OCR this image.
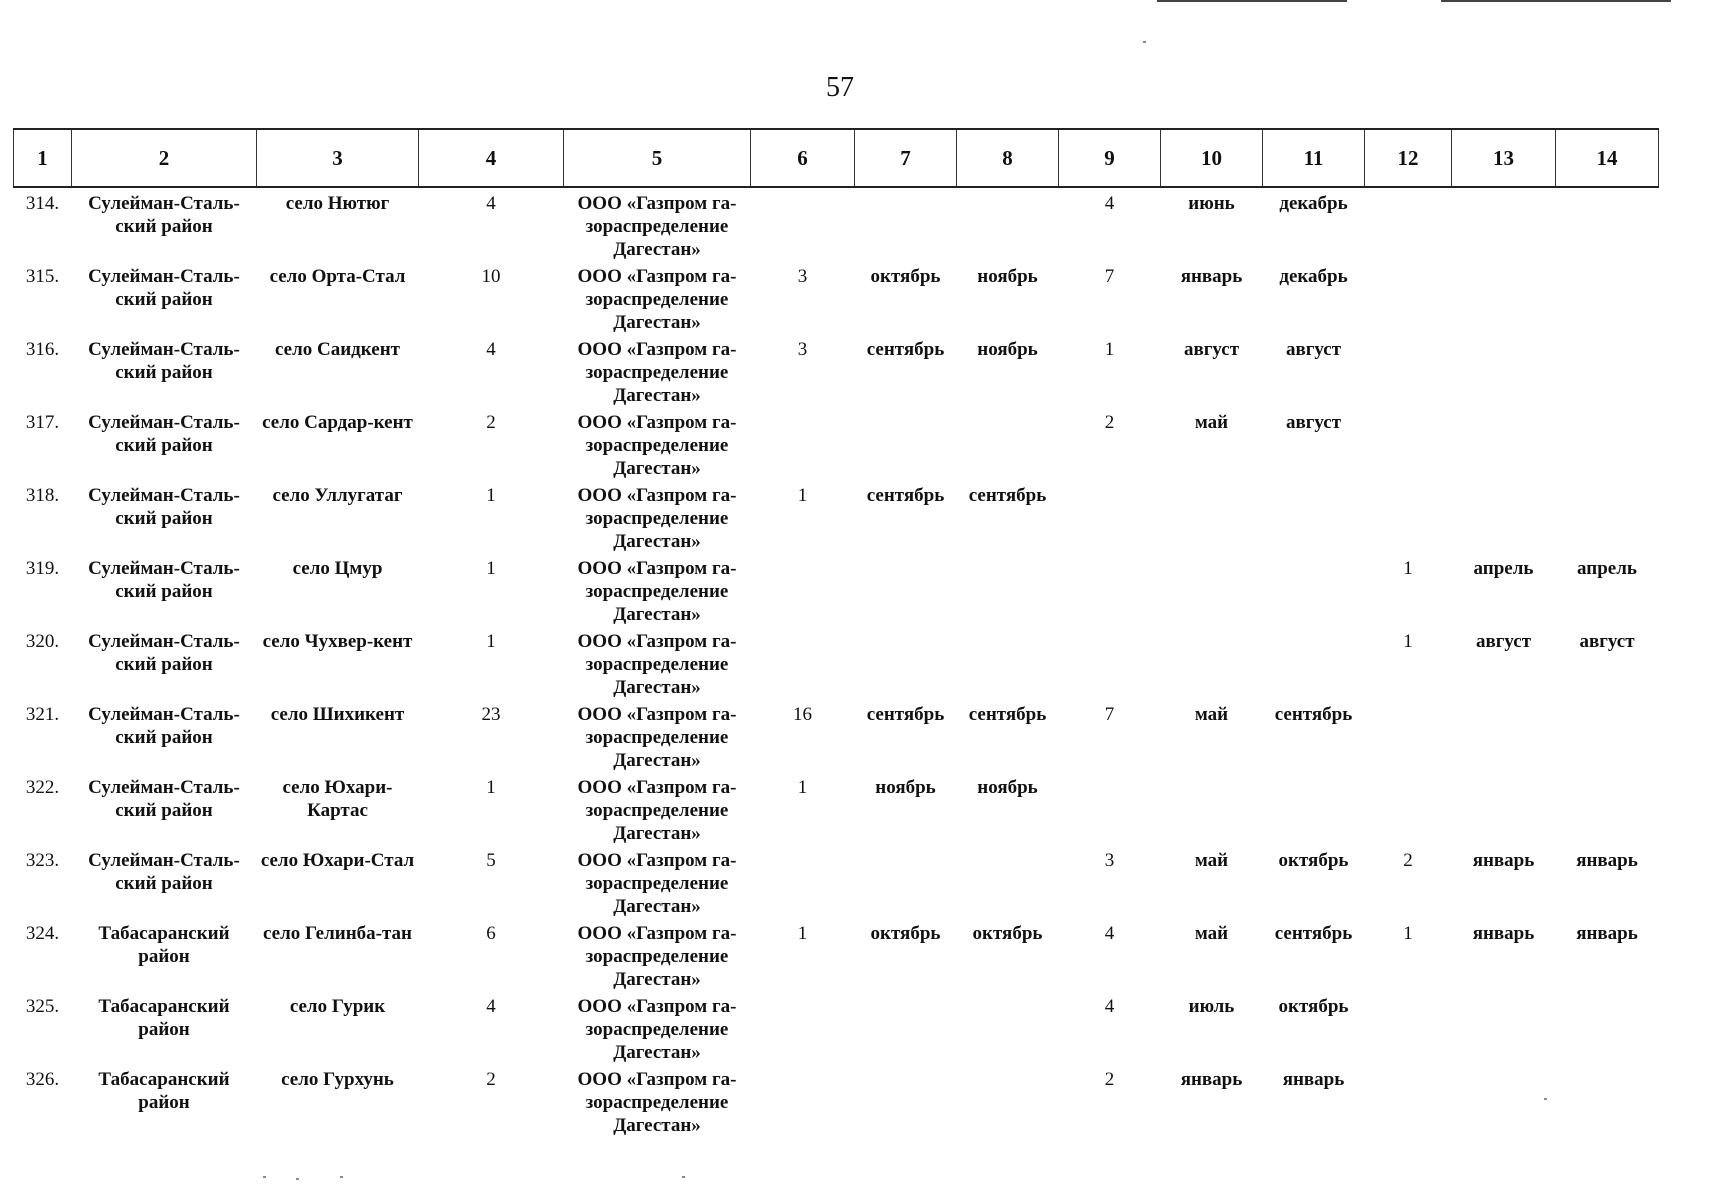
57
1	2	3	4	5	6	7	8	9	10	11	12	13	14
314.	Сулейман-Сталь-ский район	село Нютюг	4	ООО «Газпром га-зораспределение Дагестан»				4	июнь	декабрь			
315.	Сулейман-Сталь-ский район	село Орта-Стал	10	ООО «Газпром га-зораспределение Дагестан»	3	октябрь	ноябрь	7	январь	декабрь			
316.	Сулейман-Сталь-ский район	село Саидкент	4	ООО «Газпром га-зораспределение Дагестан»	3	сентябрь	ноябрь	1	август	август			
317.	Сулейман-Сталь-ский район	село Сардар-кент	2	ООО «Газпром га-зораспределение Дагестан»				2	май	август			
318.	Сулейман-Сталь-ский район	село Уллугатаг	1	ООО «Газпром га-зораспределение Дагестан»	1	сентябрь	сентябрь						
319.	Сулейман-Сталь-ский район	село Цмур	1	ООО «Газпром га-зораспределение Дагестан»							1	апрель	апрель
320.	Сулейман-Сталь-ский район	село Чухвер-кент	1	ООО «Газпром га-зораспределение Дагестан»							1	август	август
321.	Сулейман-Сталь-ский район	село Шихикент	23	ООО «Газпром га-зораспределение Дагестан»	16	сентябрь	сентябрь	7	май	сентябрь			
322.	Сулейман-Сталь-ский район	село Юхари-Картас	1	ООО «Газпром га-зораспределение Дагестан»	1	ноябрь	ноябрь						
323.	Сулейман-Сталь-ский район	село Юхари-Стал	5	ООО «Газпром га-зораспределение Дагестан»				3	май	октябрь	2	январь	январь
324.	Табасаранский район	село Гелинба-тан	6	ООО «Газпром га-зораспределение Дагестан»	1	октябрь	октябрь	4	май	сентябрь	1	январь	январь
325.	Табасаранский район	село Гурик	4	ООО «Газпром га-зораспределение Дагестан»				4	июль	октябрь			
326.	Табасаранский район	село Гурхунь	2	ООО «Газпром га-зораспределение Дагестан»				2	январь	январь			
